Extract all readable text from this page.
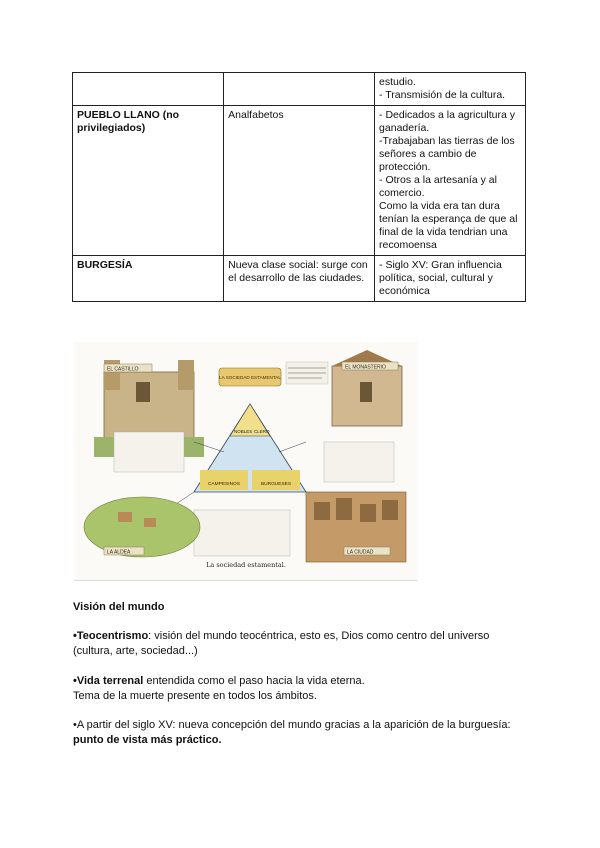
		estudio.
- Transmisión de la cultura.

PUEBLO LLANO (no privilegiados)	Analfabetos	- Dedicados a la agricultura y ganadería.
-Trabajaban las tierras de los señores a cambio de protección.
- Otros a la artesanía y al comercio.
Como la vida era tan dura tenían la esperança de que al final de la vida tendrian una recomoensa

BURGESÍA	Nueva clase social: surge con el desarrollo de las ciudades.	- Siglo XV: Gran influencia política, social, cultural y económica
EL CASTILLO
LA SOCIEDAD ESTAMENTAL
EL MONASTERIO
NOBLES CLERO
CAMPESINOS	BURGUESES
LA ALDEA	LA CIUDAD
La sociedad estamental.
Visión del mundo
•Teocentrismo: visión del mundo teocéntrica, esto es, Dios como centro del universo
(cultura, arte, sociedad...)
•Vida terrenal entendida como el paso hacia la vida eterna.
Tema de la muerte presente en todos los ámbitos.
•A partir del siglo XV: nueva concepción del mundo gracias a la aparición de la burguesía:
punto de vista más práctico.
